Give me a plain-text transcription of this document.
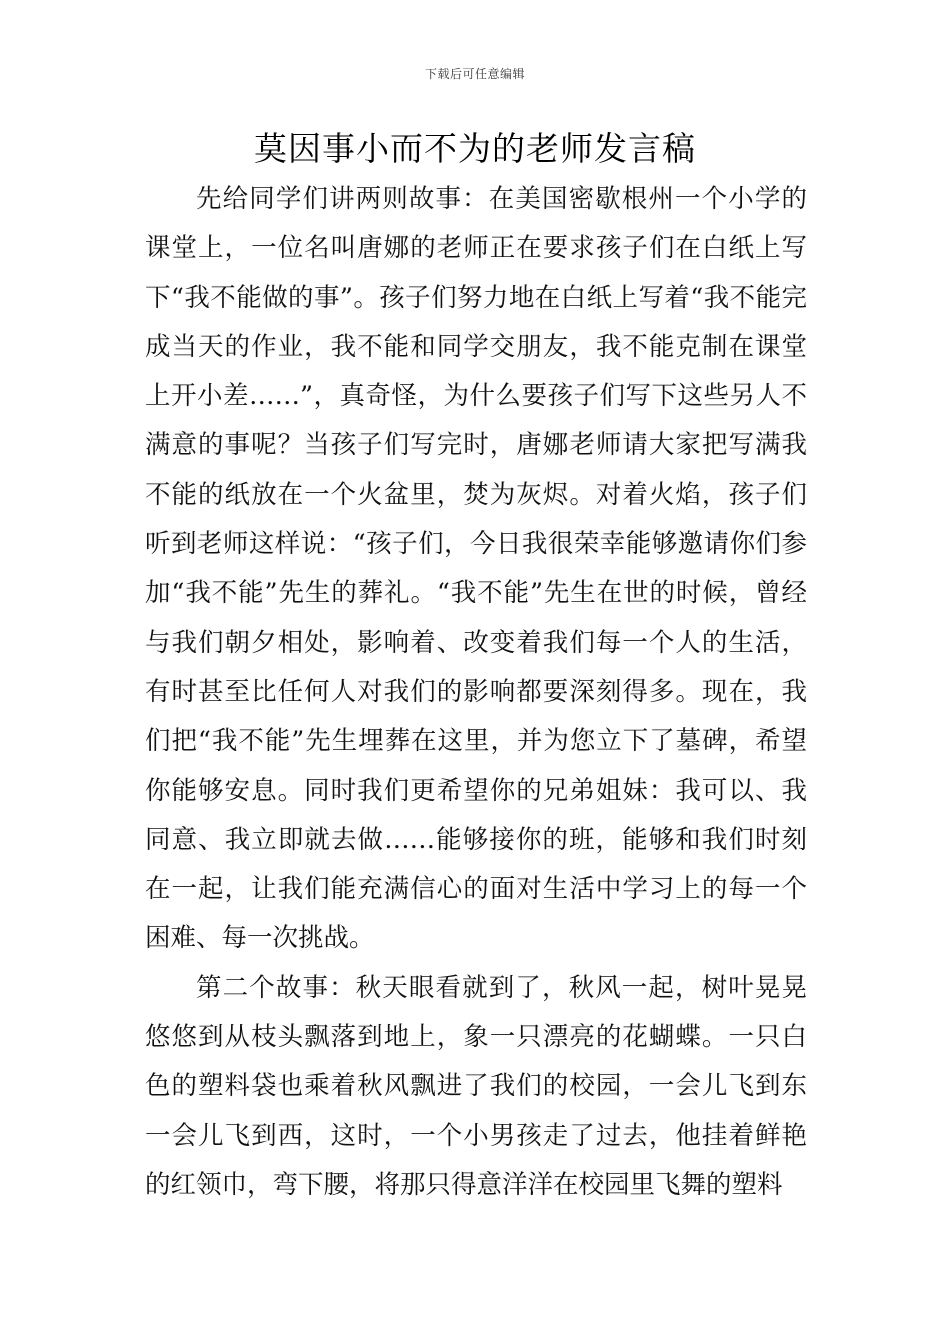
下载后可任意编辑
莫因事小而不为的老师发言稿

先给同学们讲两则故事：在美国密歇根州一个小学的课堂上，一位名叫唐娜的老师正在要求孩子们在白纸上写下“我不能做的事”。孩子们努力地在白纸上写着“我不能完成当天的作业，我不能和同学交朋友，我不能克制在课堂上开小差……”，真奇怪，为什么要孩子们写下这些另人不满意的事呢？当孩子们写完时，唐娜老师请大家把写满我不能的纸放在一个火盆里，焚为灰烬。对着火焰，孩子们听到老师这样说：“孩子们，今日我很荣幸能够邀请你们参加“我不能”先生的葬礼。“我不能”先生在世的时候，曾经与我们朝夕相处，影响着、改变着我们每一个人的生活，有时甚至比任何人对我们的影响都要深刻得多。现在，我们把“我不能”先生埋葬在这里，并为您立下了墓碑，希望你能够安息。同时我们更希望你的兄弟姐妹：我可以、我同意、我立即就去做……能够接你的班，能够和我们时刻在一起，让我们能充满信心的面对生活中学习上的每一个困难、每一次挑战。

第二个故事：秋天眼看就到了，秋风一起，树叶晃晃悠悠到从枝头飘落到地上，象一只漂亮的花蝴蝶。一只白色的塑料袋也乘着秋风飘进了我们的校园，一会儿飞到东一会儿飞到西，这时，一个小男孩走了过去，他挂着鲜艳的红领巾，弯下腰，将那只得意洋洋在校园里飞舞的塑料
